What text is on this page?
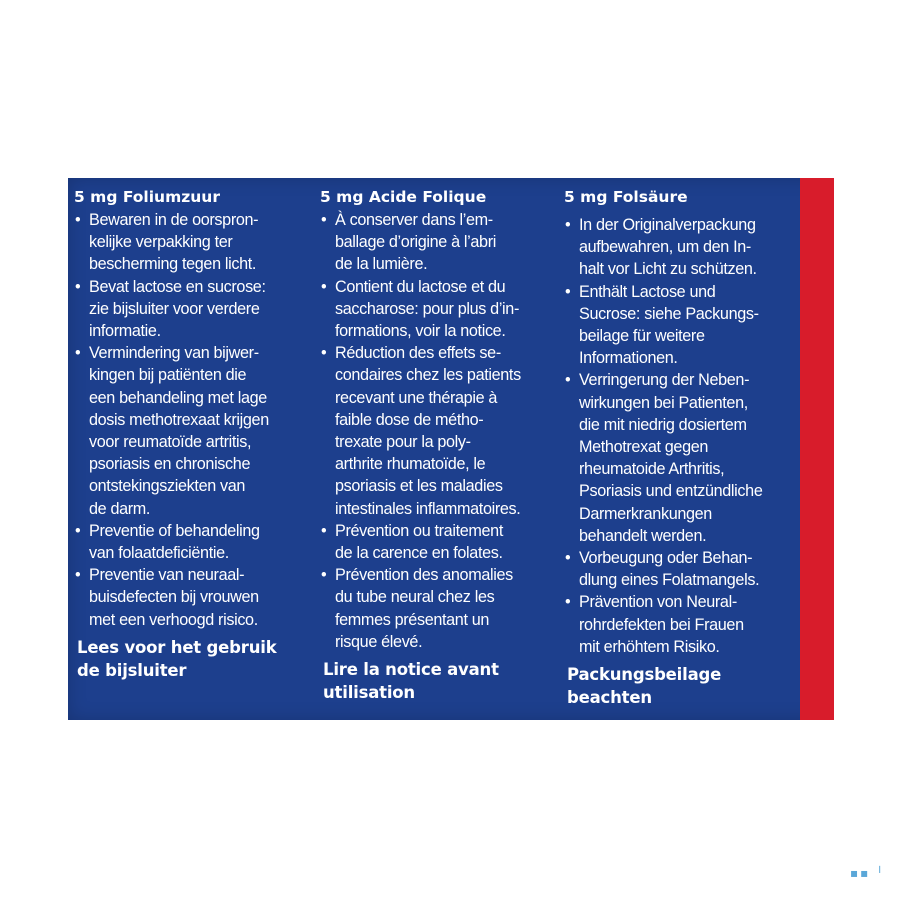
5 mg Foliumzuur
• Bewaren in de oorspron-
kelijke verpakking ter
bescherming tegen licht.
• Bevat lactose en sucrose:
zie bijsluiter voor verdere
informatie.
• Vermindering van bijwer-
kingen bij patiënten die
een behandeling met lage
dosis methotrexaat krijgen
voor reumatoïde artritis,
psoriasis en chronische
ontstekingsziekten van
de darm.
• Preventie of behandeling
van folaatdeficiëntie.
• Preventie van neuraal-
buisdefecten bij vrouwen
met een verhoogd risico.
Lees voor het gebruik
de bijsluiter
5 mg Acide Folique
• À conserver dans l’em-
ballage d’origine à l’abri
de la lumière.
• Contient du lactose et du
saccharose: pour plus d’in-
formations, voir la notice.
• Réduction des effets se-
condaires chez les patients
recevant une thérapie à
faible dose de métho-
trexate pour la poly-
arthrite rhumatoïde, le
psoriasis et les maladies
intestinales inflammatoires.
• Prévention ou traitement
de la carence en folates.
• Prévention des anomalies
du tube neural chez les
femmes présentant un
risque élevé.
Lire la notice avant
utilisation
5 mg Folsäure
• In der Originalverpackung
aufbewahren, um den In-
halt vor Licht zu schützen.
• Enthält Lactose und
Sucrose: siehe Packungs-
beilage für weitere
Informationen.
• Verringerung der Neben-
wirkungen bei Patienten,
die mit niedrig dosiertem
Methotrexat gegen
rheumatoide Arthritis,
Psoriasis und entzündliche
Darmerkrankungen
behandelt werden.
• Vorbeugung oder Behan-
dlung eines Folatmangels.
• Prävention von Neural-
rohrdefekten bei Frauen
mit erhöhtem Risiko.
Packungsbeilage
beachten
▪▪ ╵
